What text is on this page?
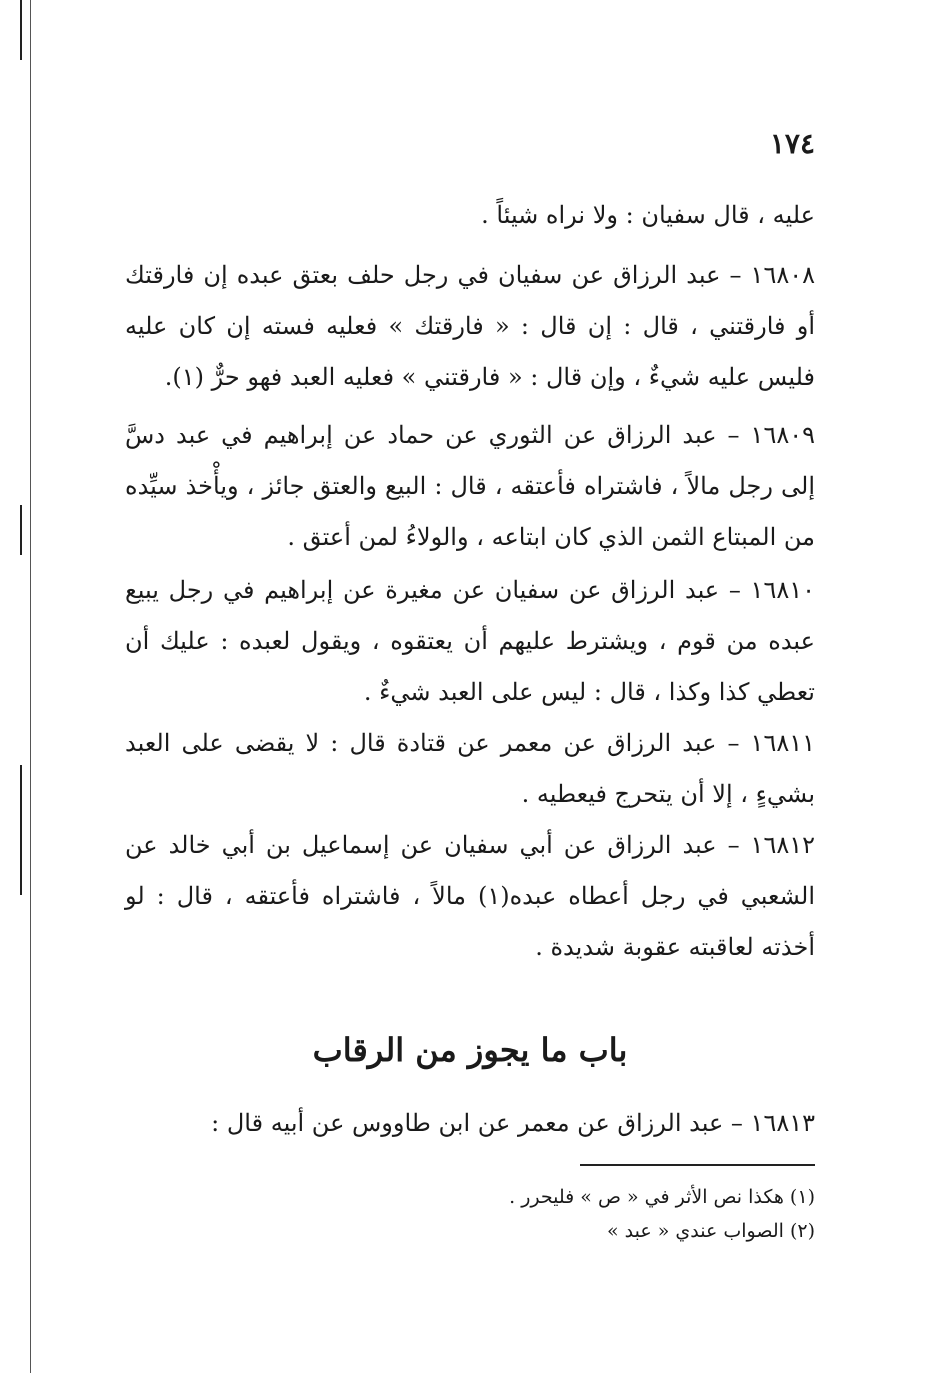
١٧٤

عليه ، قال سفيان : ولا نراه شيئاً .

١٦٨٠٨ – عبد الرزاق عن سفيان في رجل حلف بعتق عبده إن فارقتك أو فارقتني ، قال : إن قال : « فارقتك » فعليه فسته إن كان عليه فليس عليه شيءٌ ، وإن قال : « فارقتني » فعليه العبد فهو حرٌّ (١).

١٦٨٠٩ – عبد الرزاق عن الثوري عن حماد عن إبراهيم في عبد دسَّ إلى رجل مالاً ، فاشتراه فأعتقه ، قال : البيع والعتق جائز ، ويأْخذ سيِّده من المبتاع الثمن الذي كان ابتاعه ، والولاءُ لمن أعتق .

١٦٨١٠ – عبد الرزاق عن سفيان عن مغيرة عن إبراهيم في رجل يبيع عبده من قوم ، ويشترط عليهم أن يعتقوه ، ويقول لعبده : عليك أن تعطي كذا وكذا ، قال : ليس على العبد شيءٌ .

١٦٨١١ – عبد الرزاق عن معمر عن قتادة قال : لا يقضى على العبد بشيءٍ ، إلا أن يتحرج فيعطيه .

١٦٨١٢ – عبد الرزاق عن أبي سفيان عن إسماعيل بن أبي خالد عن الشعبي في رجل أعطاه عبده(١) مالاً ، فاشتراه فأعتقه ، قال : لو أخذته لعاقبته عقوبة شديدة .

باب ما يجوز من الرقاب

١٦٨١٣ – عبد الرزاق عن معمر عن ابن طاووس عن أبيه قال :

(١) هكذا نص الأثر في « ص » فليحرر .
(٢) الصواب عندي « عبد »
